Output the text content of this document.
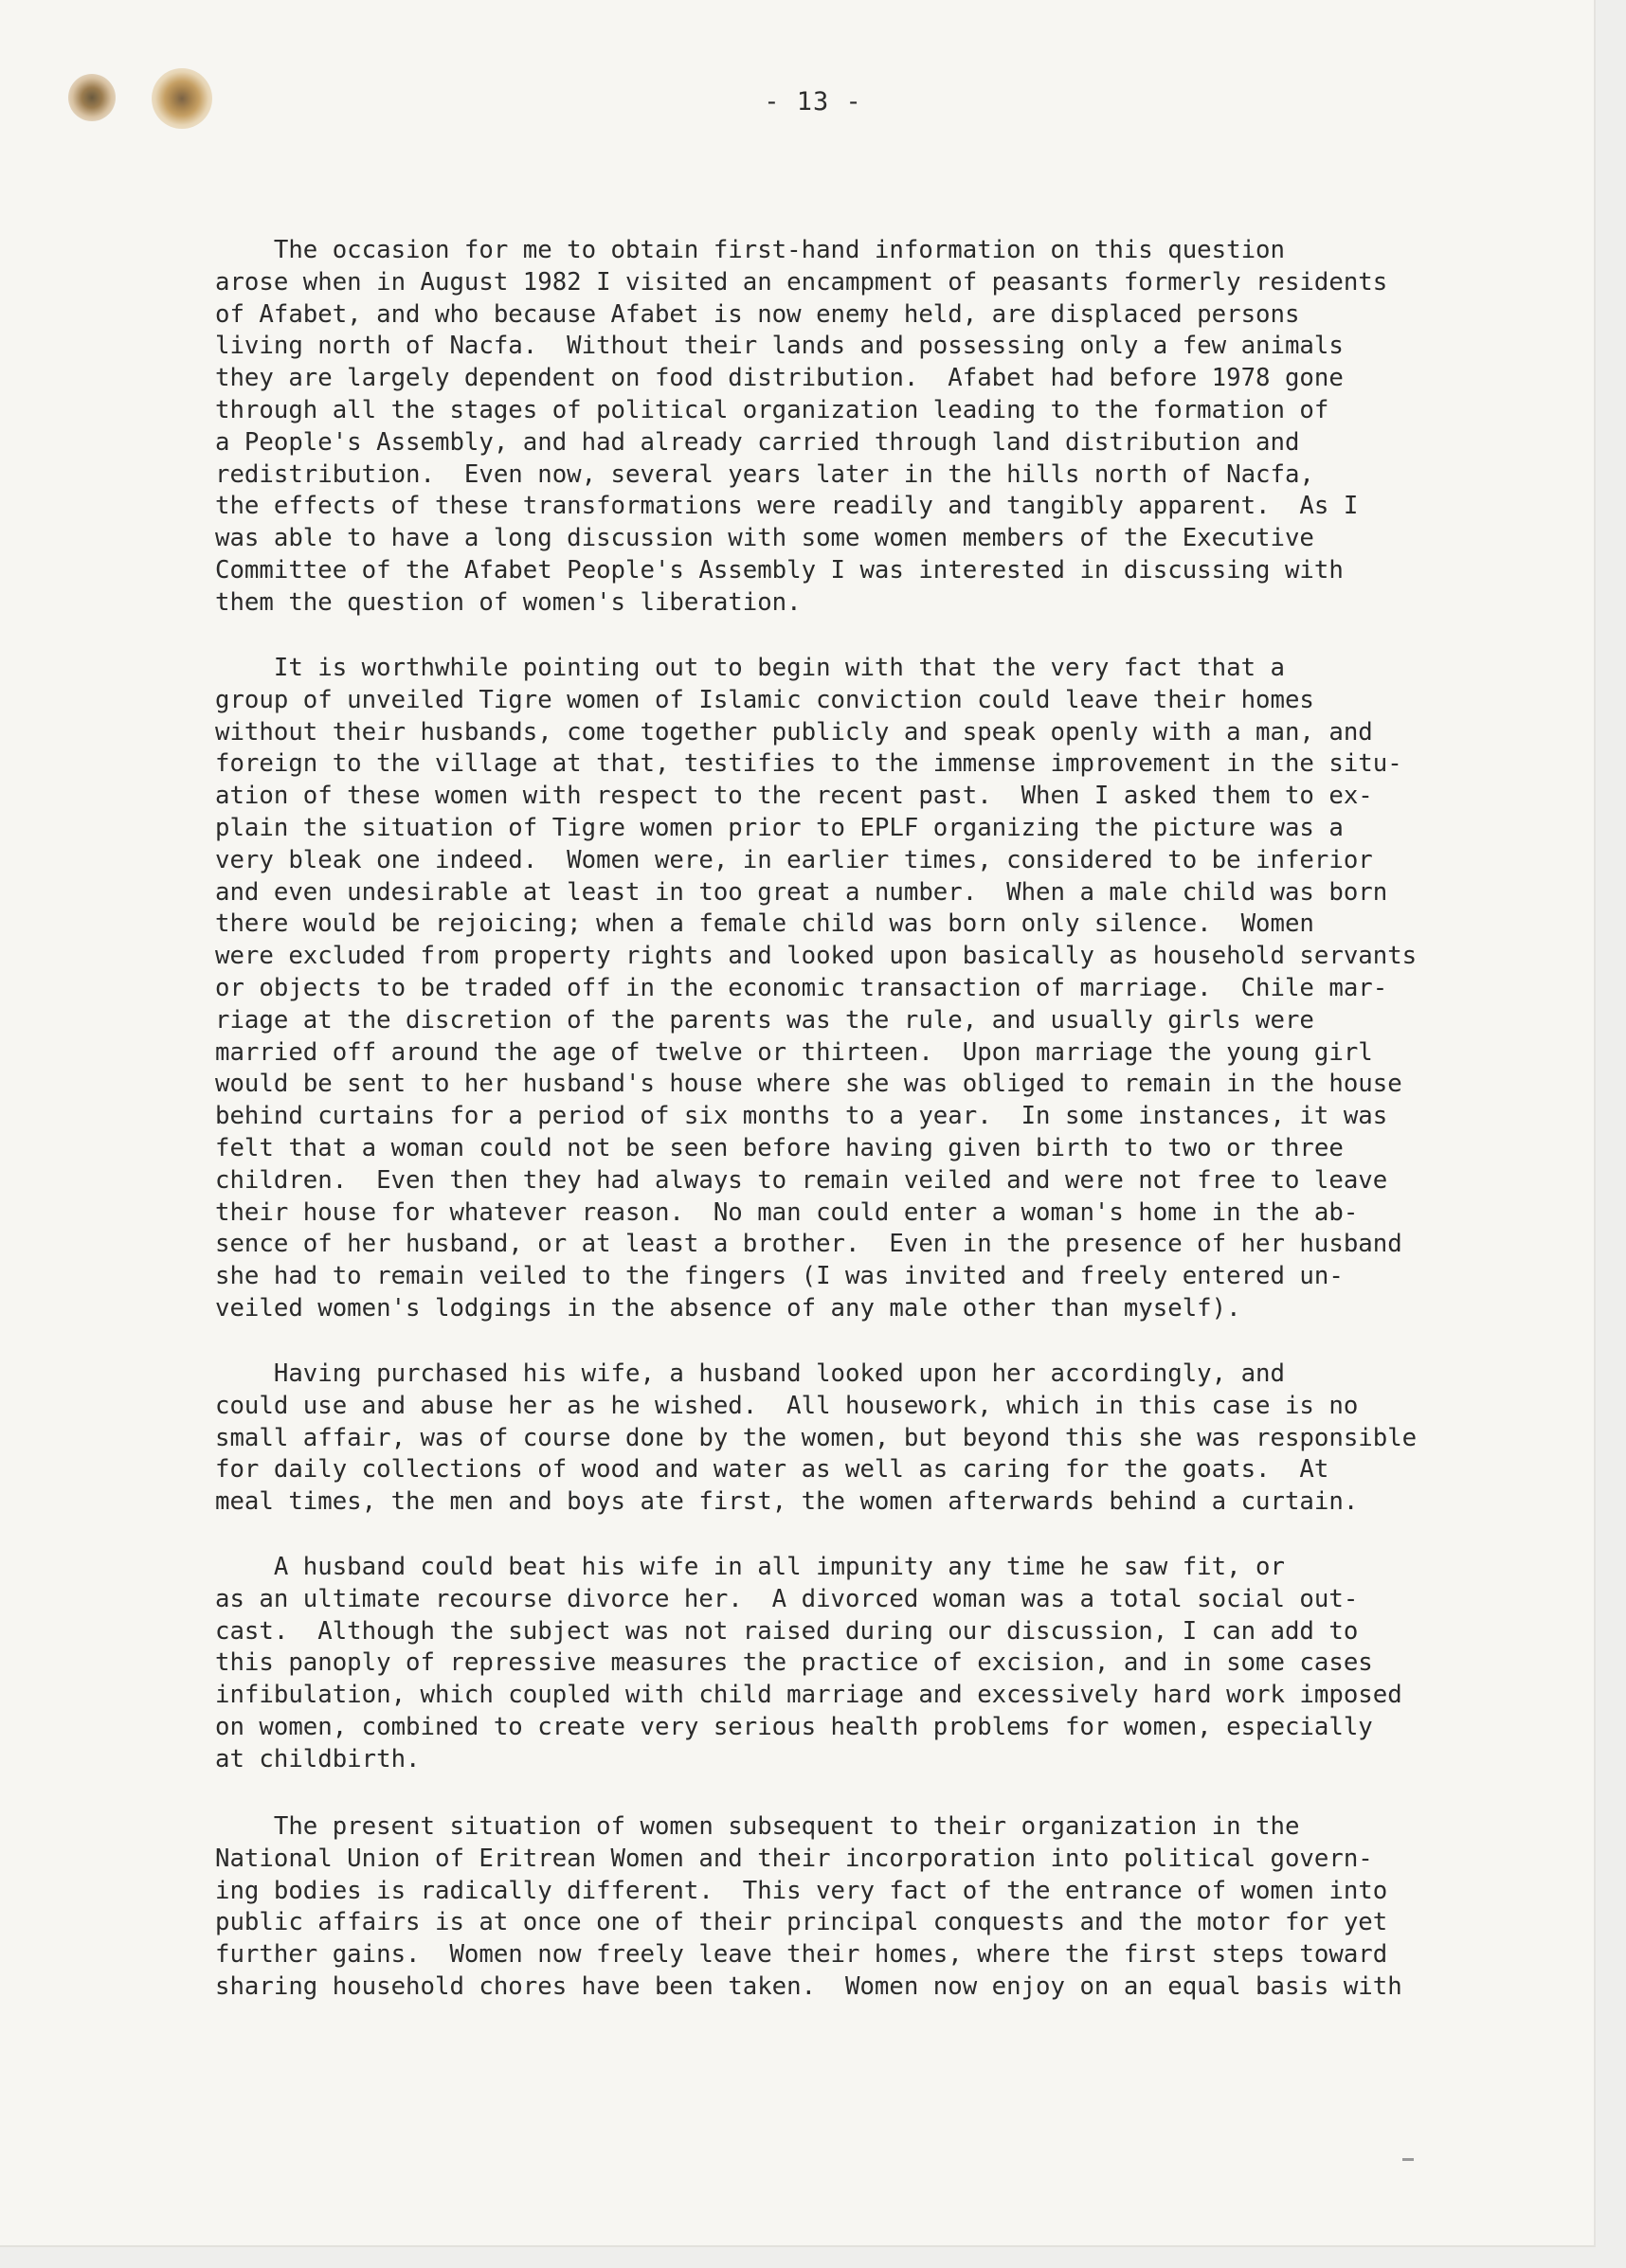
- 13 -
The occasion for me to obtain first-hand information on this question
arose when in August 1982 I visited an encampment of peasants formerly residents
of Afabet, and who because Afabet is now enemy held, are displaced persons
living north of Nacfa.  Without their lands and possessing only a few animals
they are largely dependent on food distribution.  Afabet had before 1978 gone
through all the stages of political organization leading to the formation of
a People's Assembly, and had already carried through land distribution and
redistribution.  Even now, several years later in the hills north of Nacfa,
the effects of these transformations were readily and tangibly apparent.  As I
was able to have a long discussion with some women members of the Executive
Committee of the Afabet People's Assembly I was interested in discussing with
them the question of women's liberation.
It is worthwhile pointing out to begin with that the very fact that a
group of unveiled Tigre women of Islamic conviction could leave their homes
without their husbands, come together publicly and speak openly with a man, and
foreign to the village at that, testifies to the immense improvement in the situ-
ation of these women with respect to the recent past.  When I asked them to ex-
plain the situation of Tigre women prior to EPLF organizing the picture was a
very bleak one indeed.  Women were, in earlier times, considered to be inferior
and even undesirable at least in too great a number.  When a male child was born
there would be rejoicing; when a female child was born only silence.  Women
were excluded from property rights and looked upon basically as household servants
or objects to be traded off in the economic transaction of marriage.  Chile mar-
riage at the discretion of the parents was the rule, and usually girls were
married off around the age of twelve or thirteen.  Upon marriage the young girl
would be sent to her husband's house where she was obliged to remain in the house
behind curtains for a period of six months to a year.  In some instances, it was
felt that a woman could not be seen before having given birth to two or three
children.  Even then they had always to remain veiled and were not free to leave
their house for whatever reason.  No man could enter a woman's home in the ab-
sence of her husband, or at least a brother.  Even in the presence of her husband
she had to remain veiled to the fingers (I was invited and freely entered un-
veiled women's lodgings in the absence of any male other than myself).
Having purchased his wife, a husband looked upon her accordingly, and
could use and abuse her as he wished.  All housework, which in this case is no
small affair, was of course done by the women, but beyond this she was responsible
for daily collections of wood and water as well as caring for the goats.  At
meal times, the men and boys ate first, the women afterwards behind a curtain.
A husband could beat his wife in all impunity any time he saw fit, or
as an ultimate recourse divorce her.  A divorced woman was a total social out-
cast.  Although the subject was not raised during our discussion, I can add to
this panoply of repressive measures the practice of excision, and in some cases
infibulation, which coupled with child marriage and excessively hard work imposed
on women, combined to create very serious health problems for women, especially
at childbirth.
The present situation of women subsequent to their organization in the
National Union of Eritrean Women and their incorporation into political govern-
ing bodies is radically different.  This very fact of the entrance of women into
public affairs is at once one of their principal conquests and the motor for yet
further gains.  Women now freely leave their homes, where the first steps toward
sharing household chores have been taken.  Women now enjoy on an equal basis with
